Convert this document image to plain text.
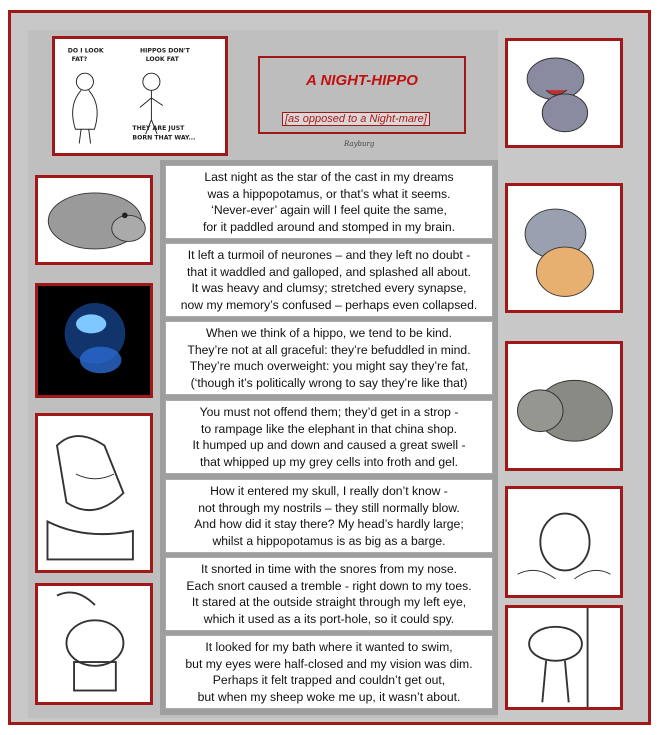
DO I LOOK
FAT?
HIPPOS DON'T
LOOK FAT
THEY ARE JUST
BORN THAT WAY...
A NIGHT-HIPPO
[as opposed to a Night-mare]
Rayburg
Last night as the star of the cast in my dreams
was a hippopotamus, or that’s what it seems.
‘Never-ever’ again will I feel quite the same,
for it paddled around and stomped in my brain.
It left a turmoil of neurones – and they left no doubt -
that it waddled and galloped, and splashed all about.
It was heavy and clumsy; stretched every synapse,
now my memory’s confused – perhaps even collapsed.
When we think of a hippo, we tend to be kind.
They’re not at all graceful: they’re befuddled in mind.
They’re much overweight: you might say they’re fat,
(‘though it’s politically wrong to say they’re like that)
You must not offend them; they’d get in a strop -
to rampage like the elephant in that china shop.
It humped up and down and caused a great swell -
that whipped up my grey cells into froth and gel.
How it entered my skull, I really don’t know -
not through my nostrils – they still normally blow.
And how did it stay there? My head’s hardly large;
whilst a hippopotamus is as big as a barge.
It snorted in time with the snores from my nose.
Each snort caused a tremble - right down to my toes.
It stared at the outside straight through my left eye,
which it used as a its port-hole, so it could spy.
It looked for my bath where it wanted to swim,
but my eyes were half-closed and my vision was dim.
Perhaps it felt trapped and couldn’t get out,
but when my sheep woke me up, it wasn’t about.
